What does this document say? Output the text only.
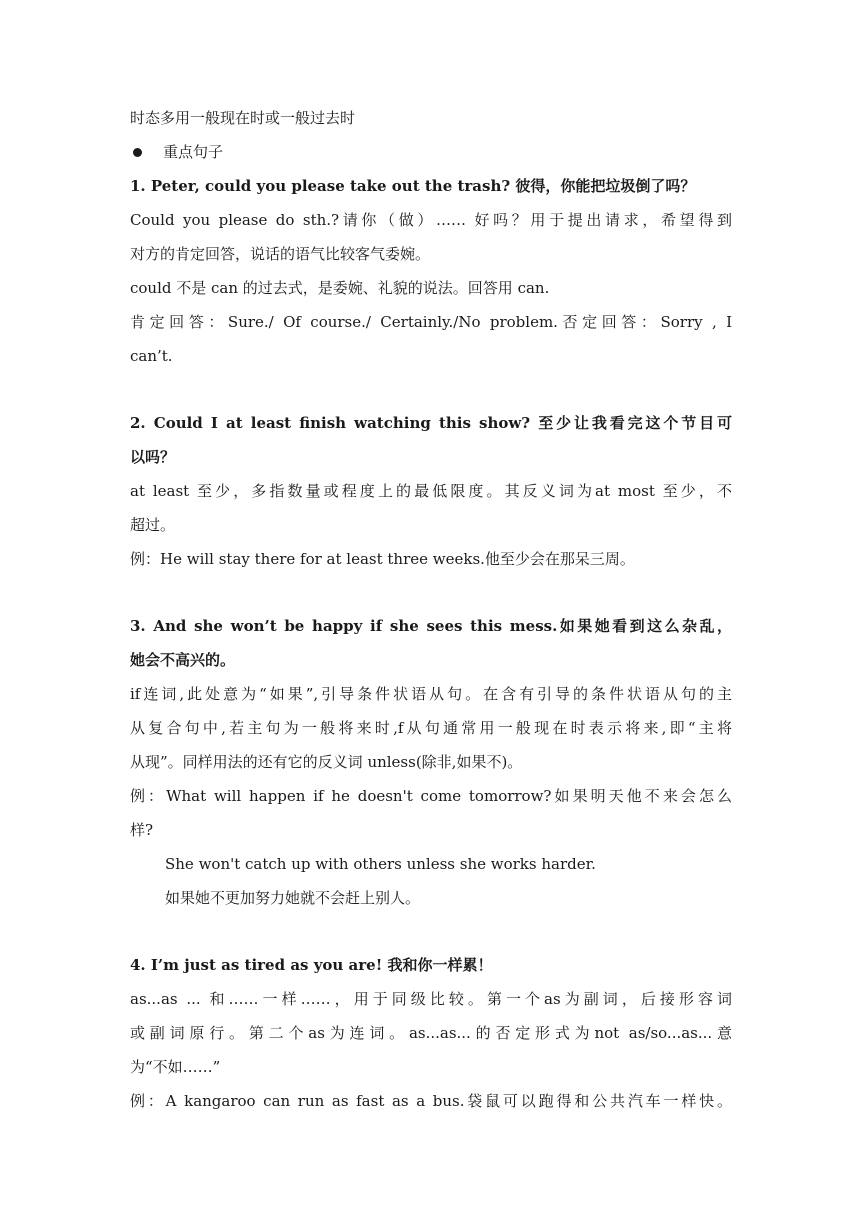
时态多用一般现在时或一般过去时

重点句子

1. Peter, could you please take out the trash? 彼得，你能把垃圾倒了吗？

Could you please do sth.?请你（做）…… 好吗？用于提出请求，希望得到

对方的肯定回答，说话的语气比较客气委婉。

could 不是 can 的过去式，是委婉、礼貌的说法。回答用 can.

肯定回答：Sure./ Of course./ Certainly./No problem.否定回答：Sorry , I

can’t.

2. Could I at least finish watching this show? 至少让我看完这个节目可

以吗？

at least 至少，多指数量或程度上的最低限度。其反义词为at most 至少，不

超过。

例：He will stay there for at least three weeks.他至少会在那呆三周。

3. And she won’t be happy if she sees this mess.如果她看到这么杂乱，

她会不高兴的。

if连词,此处意为“如果”,引导条件状语从句。在含有引导的条件状语从句的主

从复合句中,若主句为一般将来时,f从句通常用一般现在时表示将来,即“主将

从现”。同样用法的还有它的反义词 unless(除非,如果不)。

例：What will happen if he doesn't come tomorrow?如果明天他不来会怎么

样?

She won't catch up with others unless she works harder.

如果她不更加努力她就不会赶上别人。

4. I’m just as tired as you are! 我和你一样累！

as...as ... 和……一样……，用于同级比较。第一个as为副词，后接形容词

或副词原行。第二个as为连词。as...as...的否定形式为not as/so...as...意

为“不如……”

例：A kangaroo can run as fast as a bus.袋鼠可以跑得和公共汽车一样快。
